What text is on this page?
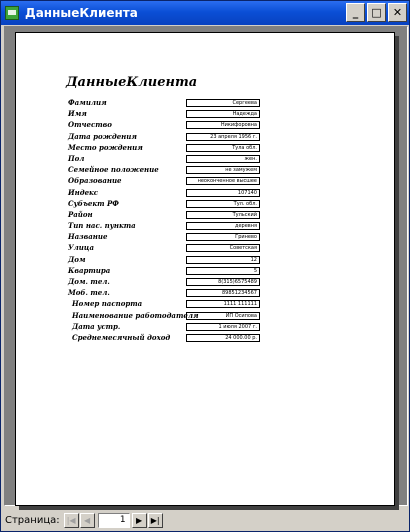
ДанныеКлиента	_	□	✕
ДанныеКлиента
Фамилия	Сергеева
Имя	Надежда
Отчество	Никифоровна
Дата рождения	23 апреля 1956 г.
Место рождения	Тула обл.
Пол	жен.
Семейное положение	не замужем
Образование	неоконченное высшее
Индекс	107140
Субъект РФ	Тул. обл.
Район	Тульский
Тип нас. пункта	деревня
Название	Гринево
Улица	Советская
Дом	12
Квартира	5
Дом. тел.	8(315)6575489
Моб. тел.	89851234567
Номер паспорта	1111 111111
Наименование работодателя	ИП Осипова
Дата устр.	1 июля 2007 г.
Среднемесячный доход	24 000.00 р.
Страница: |◀	◀	1	▶	▶|
